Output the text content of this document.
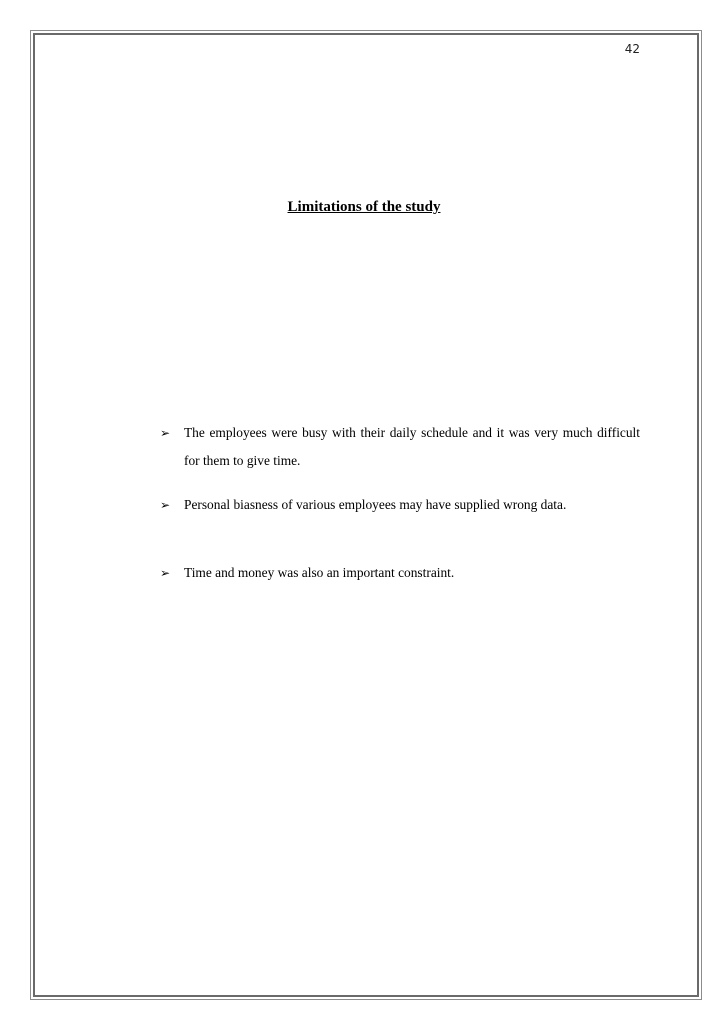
42
Limitations of the study
➢	The employees were busy with their daily schedule and it was very much difficult for them to give time.
➢	Personal biasness of various employees may have supplied wrong data.
➢	Time and money was also an important constraint.
